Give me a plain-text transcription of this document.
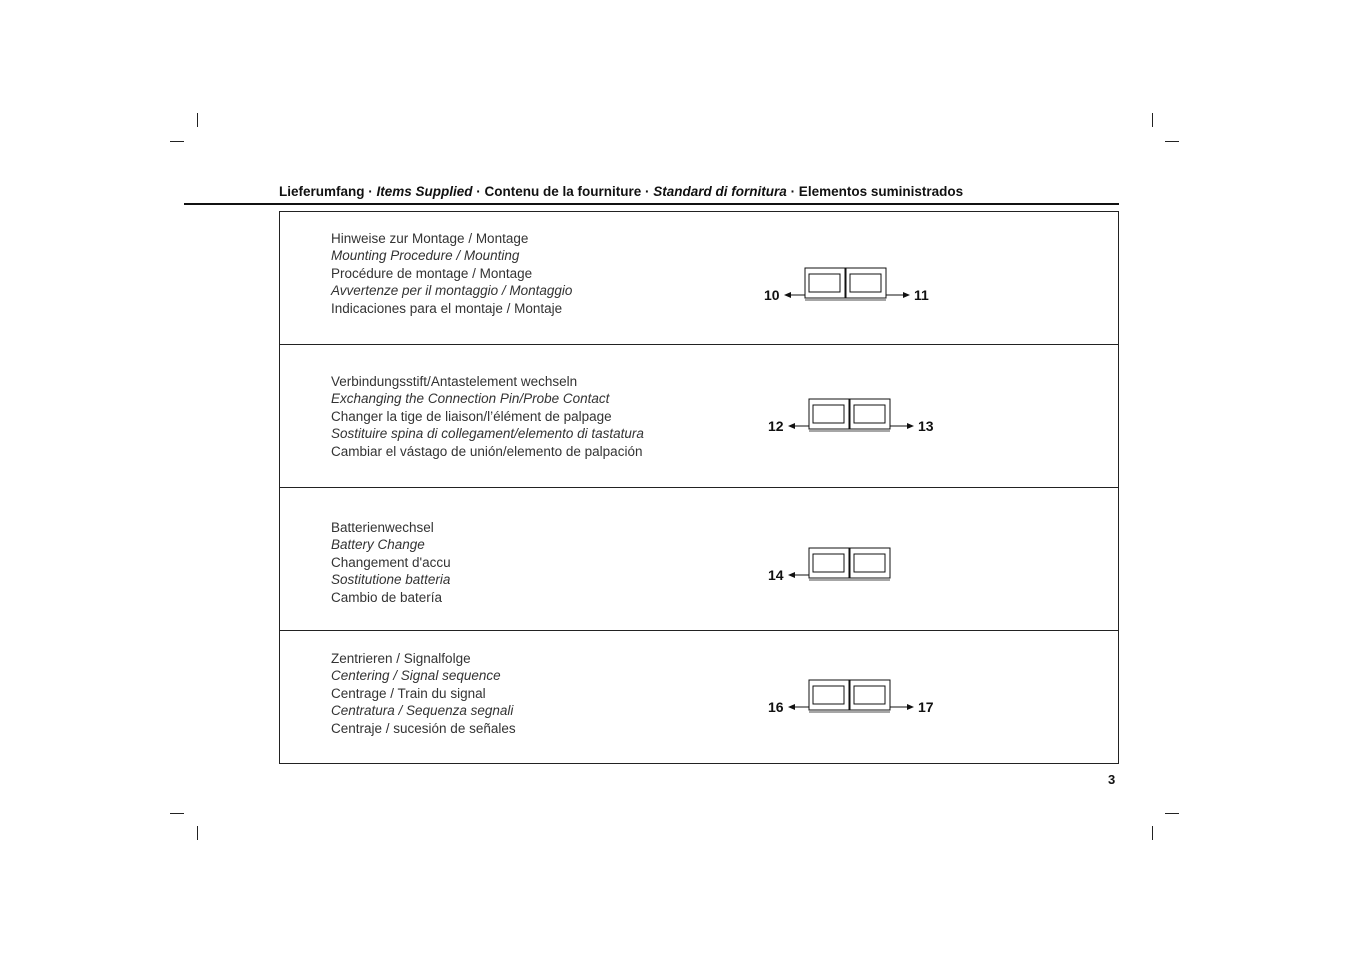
Lieferumfang · Items Supplied · Contenu de la fourniture · Standard di fornitura · Elementos suministrados
Hinweise zur Montage / Montage
Mounting Procedure / Mounting
Procédure de montage / Montage
Avvertenze per il montaggio / Montaggio
Indicaciones para el montaje / Montaje
10	11
Verbindungsstift/Antastelement wechseln
Exchanging the Connection Pin/Probe Contact
Changer la tige de liaison/l’élément de palpage
Sostituire spina di collegament/elemento di tastatura
Cambiar el vástago de unión/elemento de palpación
12	13
Batterienwechsel
Battery Change
Changement d'accu
Sostitutione batteria
Cambio de batería
14
Zentrieren / Signalfolge
Centering / Signal sequence
Centrage / Train du signal
Centratura / Sequenza segnali
Centraje / sucesión de señales
16	17
3
